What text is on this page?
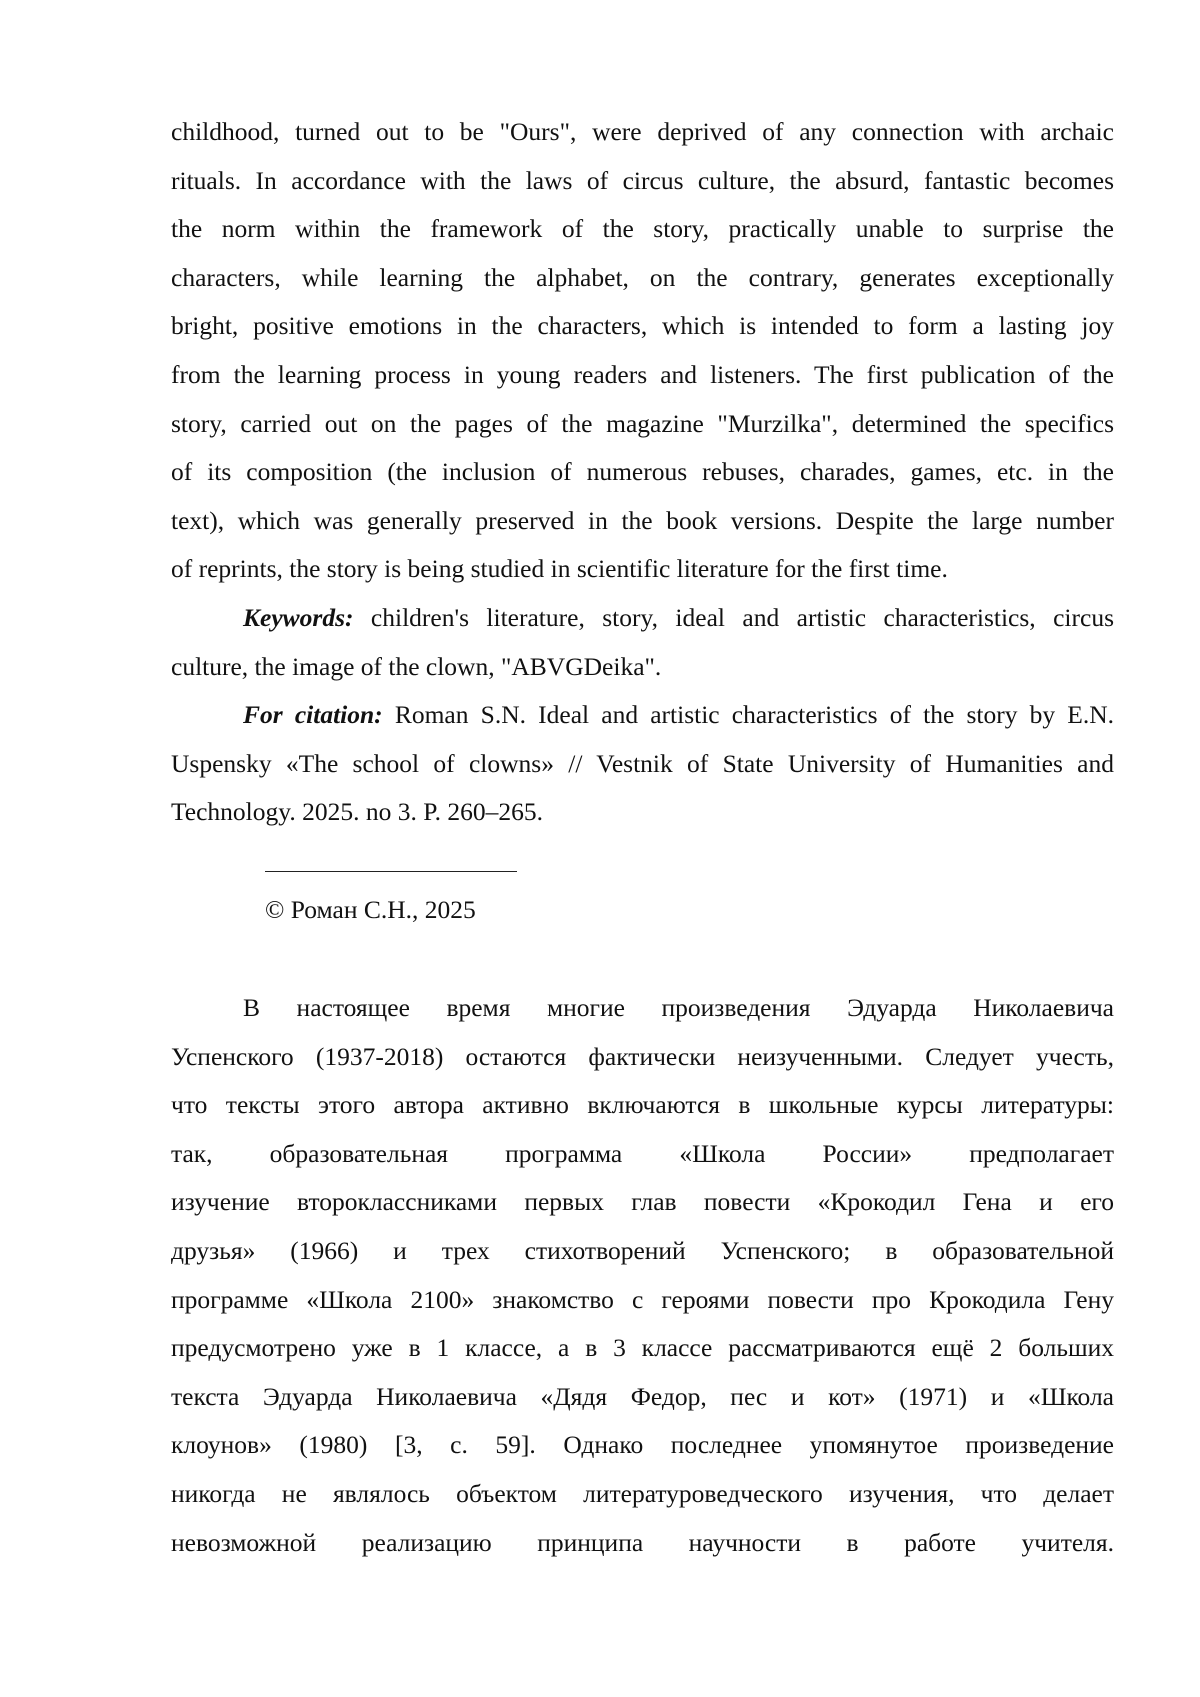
childhood, turned out to be "Ours", were deprived of any connection with archaic
rituals. In accordance with the laws of circus culture, the absurd, fantastic becomes
the norm within the framework of the story, practically unable to surprise the
characters, while learning the alphabet, on the contrary, generates exceptionally
bright, positive emotions in the characters, which is intended to form a lasting joy
from the learning process in young readers and listeners. The first publication of the
story, carried out on the pages of the magazine "Murzilka", determined the specifics
of its composition (the inclusion of numerous rebuses, charades, games, etc. in the
text), which was generally preserved in the book versions. Despite the large number
of reprints, the story is being studied in scientific literature for the first time.
Keywords: children's literature, story, ideal and artistic characteristics, circus
culture, the image of the clown, "ABVGDeika".
For citation: Roman S.N. Ideal and artistic characteristics of the story by E.N.
Uspensky «The school of clowns» // Vestnik of State University of Humanities and
Technology. 2025. no 3. P. 260–265.
© Роман С.Н., 2025
В настоящее время многие произведения Эдуарда Николаевича
Успенского (1937-2018) остаются фактически неизученными. Следует учесть,
что тексты этого автора активно включаются в школьные курсы литературы:
так, образовательная программа «Школа России» предполагает
изучение второклассниками первых глав повести «Крокодил Гена и его
друзья» (1966) и трех стихотворений Успенского; в образовательной
программе «Школа 2100» знакомство с героями повести про Крокодила Гену
предусмотрено уже в 1 классе, а в 3 классе рассматриваются ещё 2 больших
текста Эдуарда Николаевича «Дядя Федор, пес и кот» (1971) и «Школа
клоунов» (1980) [3, с. 59]. Однако последнее упомянутое произведение
никогда не являлось объектом литературоведческого изучения, что делает
невозможной реализацию принципа научности в работе учителя.
